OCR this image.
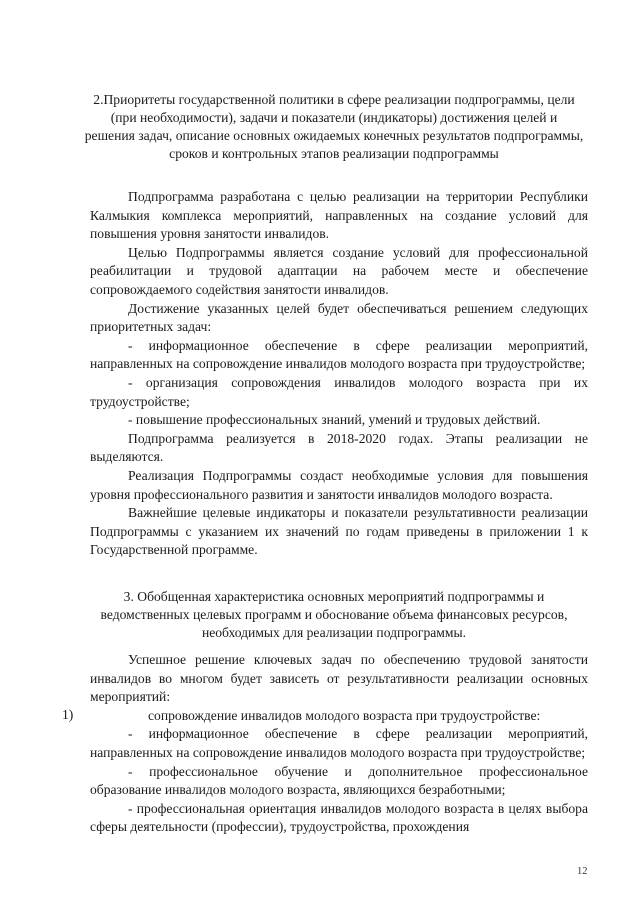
2.Приоритеты государственной политики в сфере реализации подпрограммы, цели (при необходимости), задачи и показатели (индикаторы) достижения целей и решения задач, описание основных ожидаемых конечных результатов подпрограммы, сроков и контрольных этапов реализации подпрограммы

Подпрограмма разработана с целью реализации на территории Республики Калмыкия комплекса мероприятий, направленных на создание условий для повышения уровня занятости инвалидов.

Целью Подпрограммы является создание условий для профессиональной реабилитации и трудовой адаптации на рабочем месте и обеспечение сопровождаемого содействия занятости инвалидов.

Достижение указанных целей будет обеспечиваться решением следующих приоритетных задач:

- информационное обеспечение в сфере реализации мероприятий, направленных на сопровождение инвалидов молодого возраста при трудоустройстве;

- организация сопровождения инвалидов молодого возраста при их трудоустройстве;

- повышение профессиональных знаний, умений и трудовых действий.

Подпрограмма реализуется в 2018-2020 годах. Этапы реализации не выделяются.

Реализация Подпрограммы создаст необходимые условия для повышения уровня профессионального развития и занятости инвалидов молодого возраста.

Важнейшие целевые индикаторы и показатели результативности реализации Подпрограммы с указанием их значений по годам приведены в приложении 1 к Государственной программе.

3. Обобщенная характеристика основных мероприятий подпрограммы и ведомственных целевых программ и обоснование объема финансовых ресурсов, необходимых для реализации подпрограммы.

Успешное решение ключевых задач по обеспечению трудовой занятости инвалидов во многом будет зависеть от результативности реализации основных мероприятий:

сопровождение инвалидов молодого возраста при трудоустройстве:

- информационное обеспечение в сфере реализации мероприятий, направленных на сопровождение инвалидов молодого возраста при трудоустройстве;

- профессиональное обучение и дополнительное профессиональное образование инвалидов молодого возраста, являющихся безработными;

- профессиональная ориентация инвалидов молодого возраста в целях выбора сферы деятельности (профессии), трудоустройства, прохождения

1)
12
